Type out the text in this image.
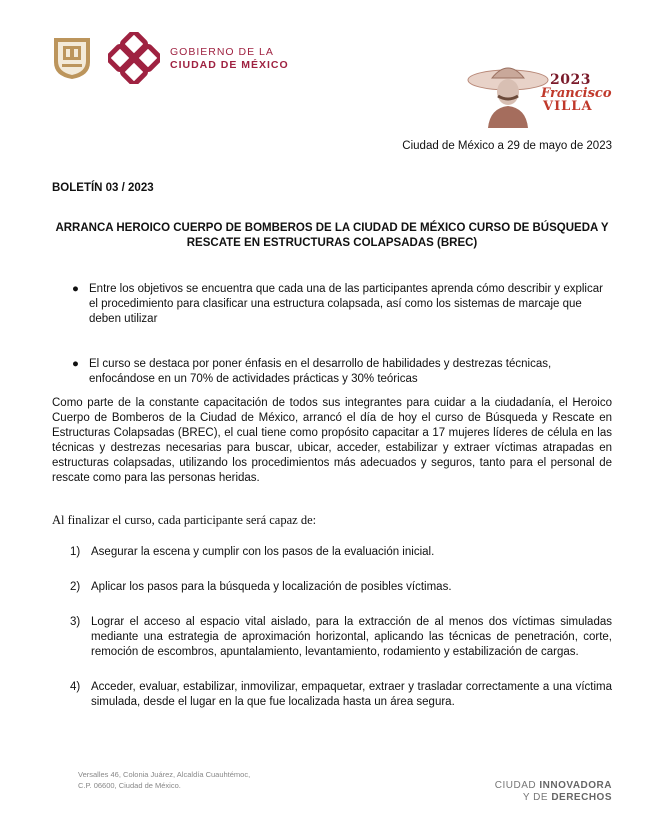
GOBIERNO DE LA
CIUDAD DE MÉXICO
2023
Francisco
VILLA
Ciudad de México a 29 de mayo de 2023
BOLETÍN 03 / 2023
ARRANCA HEROICO CUERPO DE BOMBEROS DE LA CIUDAD DE MÉXICO CURSO DE BÚSQUEDA Y RESCATE EN ESTRUCTURAS COLAPSADAS (BREC)
● Entre los objetivos se encuentra que cada una de las participantes aprenda cómo describir y explicar el procedimiento para clasificar una estructura colapsada, así como los sistemas de marcaje que deben utilizar
● El curso se destaca por poner énfasis en el desarrollo de habilidades y destrezas técnicas, enfocándose en un 70% de actividades prácticas y 30% teóricas
Como parte de la constante capacitación de todos sus integrantes para cuidar a la ciudadanía, el Heroico Cuerpo de Bomberos de la Ciudad de México, arrancó el día de hoy el curso de Búsqueda y Rescate en Estructuras Colapsadas (BREC), el cual tiene como propósito capacitar a 17 mujeres líderes de célula en las técnicas y destrezas necesarias para buscar, ubicar, acceder, estabilizar y extraer víctimas atrapadas en estructuras colapsadas, utilizando los procedimientos más adecuados y seguros, tanto para el personal de rescate como para las personas heridas.
Al finalizar el curso, cada participante será capaz de:
1) Asegurar la escena y cumplir con los pasos de la evaluación inicial.
2) Aplicar los pasos para la búsqueda y localización de posibles víctimas.
3) Lograr el acceso al espacio vital aislado, para la extracción de al menos dos víctimas simuladas mediante una estrategia de aproximación horizontal, aplicando las técnicas de penetración, corte, remoción de escombros, apuntalamiento, levantamiento, rodamiento y estabilización de cargas.
4) Acceder, evaluar, estabilizar, inmovilizar, empaquetar, extraer y trasladar correctamente a una víctima simulada, desde el lugar en la que fue localizada hasta un área segura.
Versalles 46, Colonia Juárez, Alcaldía Cuauhtémoc,
C.P. 06600, Ciudad de México.	CIUDAD INNOVADORA
Y DE DERECHOS
